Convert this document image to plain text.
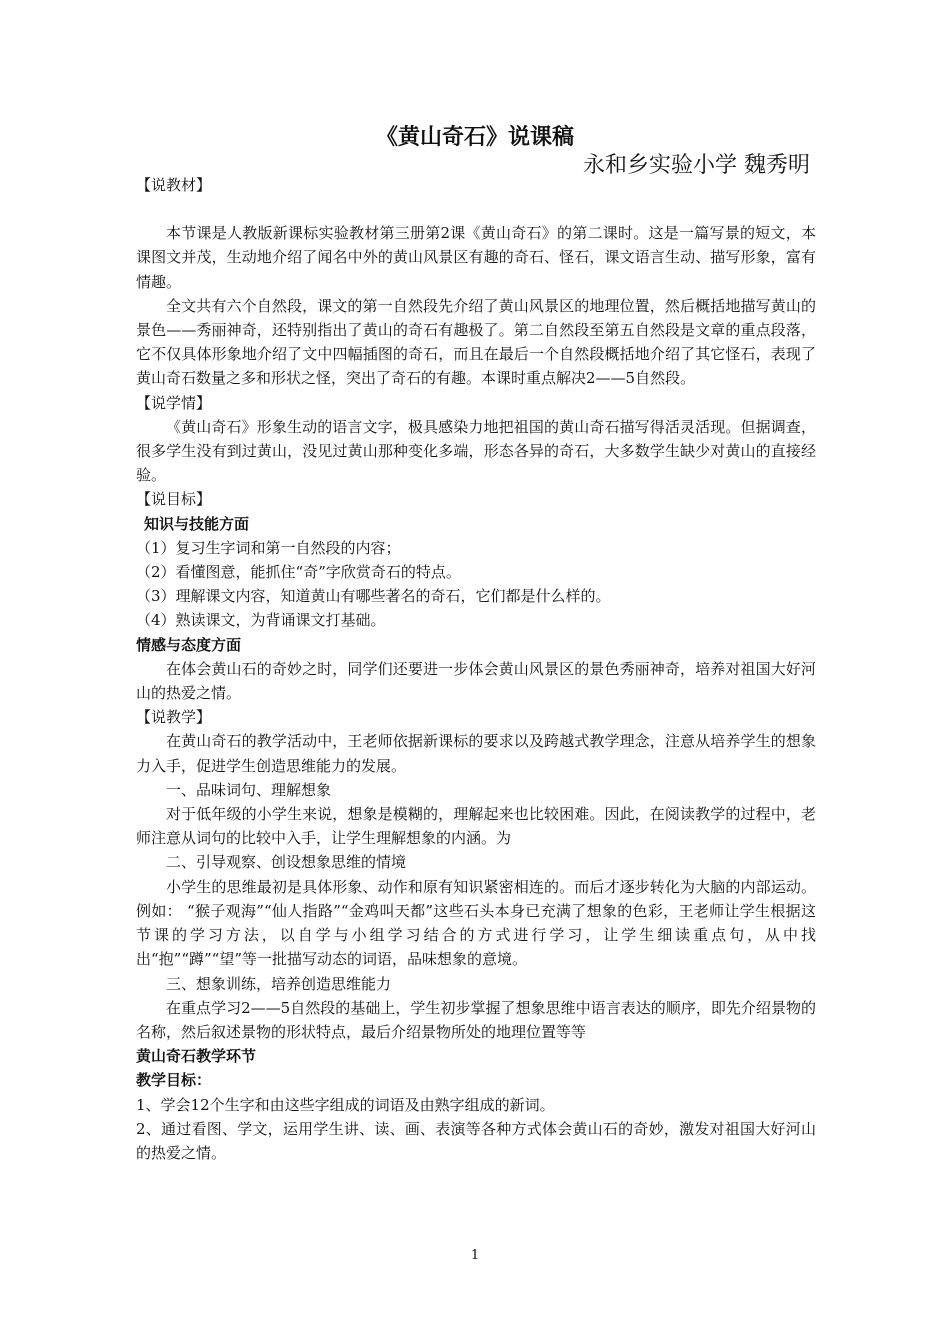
《黄山奇石》说课稿
永和乡实验小学 魏秀明

【说教材】

本节课是人教版新课标实验教材第三册第2课《黄山奇石》的第二课时。这是一篇写景的短文，本课图文并茂，生动地介绍了闻名中外的黄山风景区有趣的奇石、怪石，课文语言生动、描写形象，富有情趣。

全文共有六个自然段，课文的第一自然段先介绍了黄山风景区的地理位置，然后概括地描写黄山的景色——秀丽神奇，还特别指出了黄山的奇石有趣极了。第二自然段至第五自然段是文章的重点段落，它不仅具体形象地介绍了文中四幅插图的奇石，而且在最后一个自然段概括地介绍了其它怪石，表现了黄山奇石数量之多和形状之怪，突出了奇石的有趣。本课时重点解决2——5自然段。

【说学情】

《黄山奇石》形象生动的语言文字，极具感染力地把祖国的黄山奇石描写得活灵活现。但据调查，很多学生没有到过黄山，没见过黄山那种变化多端，形态各异的奇石，大多数学生缺少对黄山的直接经验。

【说目标】

知识与技能方面

（1）复习生字词和第一自然段的内容；

（2）看懂图意，能抓住“奇”字欣赏奇石的特点。

（3）理解课文内容，知道黄山有哪些著名的奇石，它们都是什么样的。

（4）熟读课文，为背诵课文打基础。

情感与态度方面

在体会黄山石的奇妙之时，同学们还要进一步体会黄山风景区的景色秀丽神奇，培养对祖国大好河山的热爱之情。

【说教学】

在黄山奇石的教学活动中，王老师依据新课标的要求以及跨越式教学理念，注意从培养学生的想象力入手，促进学生创造思维能力的发展。

一、品味词句、理解想象

对于低年级的小学生来说，想象是模糊的，理解起来也比较困难。因此，在阅读教学的过程中，老师注意从词句的比较中入手，让学生理解想象的内涵。为

二、引导观察、创设想象思维的情境

小学生的思维最初是具体形象、动作和原有知识紧密相连的。而后才逐步转化为大脑的内部运动。例如： “猴子观海”“仙人指路”“金鸡叫天都”这些石头本身已充满了想象的色彩，王老师让学生根据这节课的学习方法，以自学与小组学习结合的方式进行学习，让学生细读重点句，从中找出“抱”“蹲”“望”等一批描写动态的词语，品味想象的意境。

三、想象训练，培养创造思维能力

在重点学习2——5自然段的基础上，学生初步掌握了想象思维中语言表达的顺序，即先介绍景物的名称，然后叙述景物的形状特点，最后介绍景物所处的地理位置等等

黄山奇石教学环节

教学目标：

1、学会12个生字和由这些字组成的词语及由熟字组成的新词。

2、通过看图、学文，运用学生讲、读、画、表演等各种方式体会黄山石的奇妙，激发对祖国大好河山的热爱之情。

1
